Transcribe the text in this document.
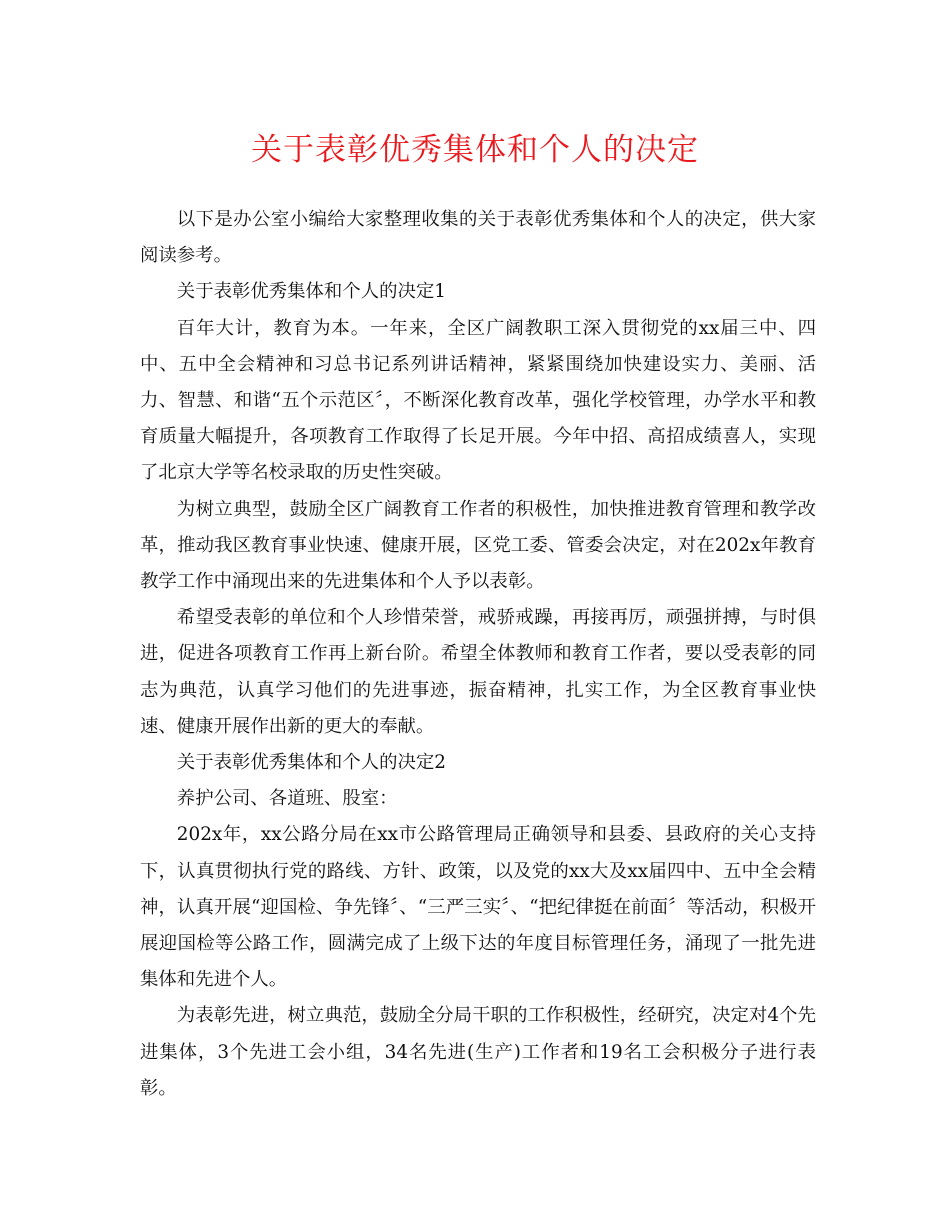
关于表彰优秀集体和个人的决定

以下是办公室小编给大家整理收集的关于表彰优秀集体和个人的决定，供大家阅读参考。

关于表彰优秀集体和个人的决定1

百年大计，教育为本。一年来，全区广阔教职工深入贯彻党的xx届三中、四中、五中全会精神和习总书记系列讲话精神，紧紧围绕加快建设实力、美丽、活力、智慧、和谐“五个示范区〞，不断深化教育改革，强化学校管理，办学水平和教育质量大幅提升，各项教育工作取得了长足开展。今年中招、高招成绩喜人，实现了北京大学等名校录取的历史性突破。

为树立典型，鼓励全区广阔教育工作者的积极性，加快推进教育管理和教学改革，推动我区教育事业快速、健康开展，区党工委、管委会决定，对在202x年教育教学工作中涌现出来的先进集体和个人予以表彰。

希望受表彰的单位和个人珍惜荣誉，戒骄戒躁，再接再厉，顽强拼搏，与时俱进，促进各项教育工作再上新台阶。希望全体教师和教育工作者，要以受表彰的同志为典范，认真学习他们的先进事迹，振奋精神，扎实工作，为全区教育事业快速、健康开展作出新的更大的奉献。

关于表彰优秀集体和个人的决定2

养护公司、各道班、股室：

202x年，xx公路分局在xx市公路管理局正确领导和县委、县政府的关心支持下，认真贯彻执行党的路线、方针、政策，以及党的xx大及xx届四中、五中全会精神，认真开展“迎国检、争先锋〞、“三严三实〞、“把纪律挺在前面〞等活动，积极开展迎国检等公路工作，圆满完成了上级下达的年度目标管理任务，涌现了一批先进集体和先进个人。

为表彰先进，树立典范，鼓励全分局干职的工作积极性，经研究，决定对4个先进集体，3个先进工会小组，34名先进(生产)工作者和19名工会积极分子进行表彰。
